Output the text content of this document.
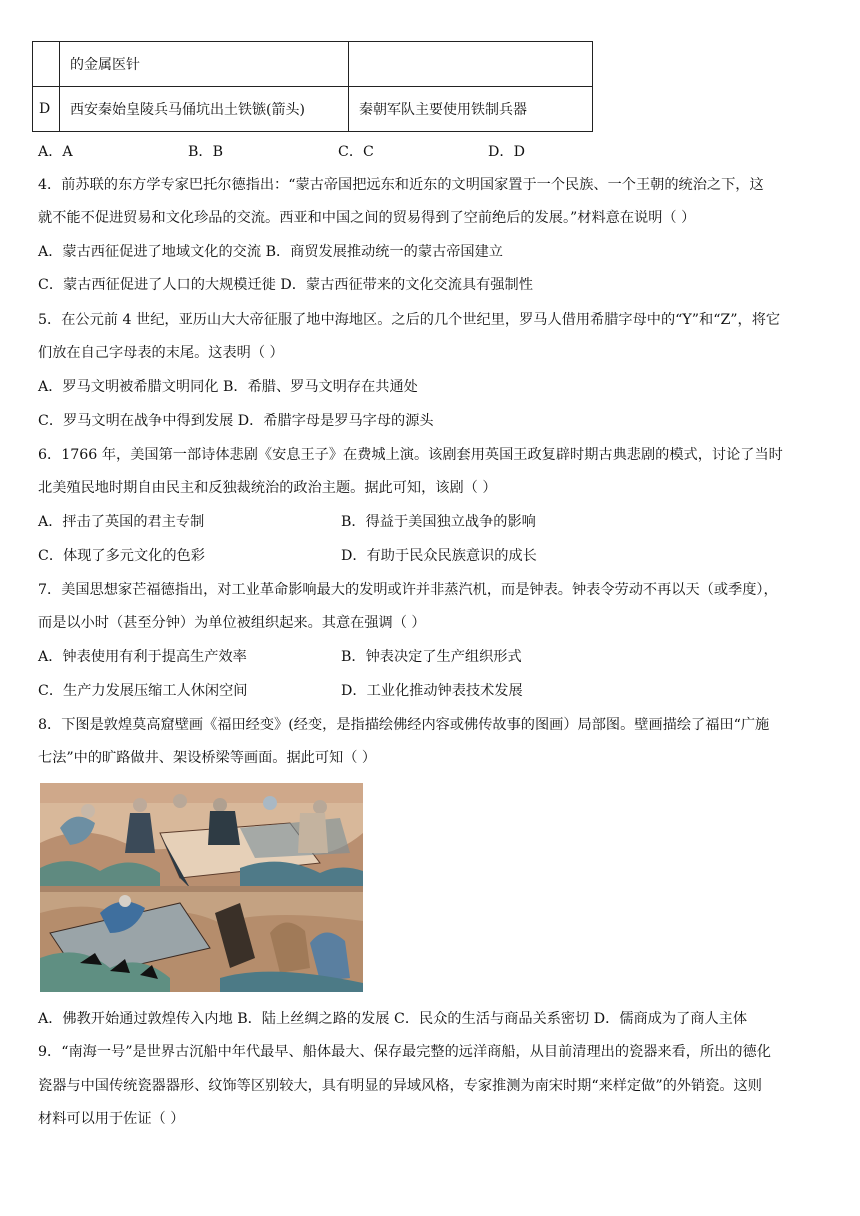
	的金属医针	
D	西安秦始皇陵兵马俑坑出土铁镞(箭头)	秦朝军队主要使用铁制兵器
A．A	B．B	C．C	D．D
4．前苏联的东方学专家巴托尔德指出：“蒙古帝国把远东和近东的文明国家置于一个民族、一个王朝的统治之下，这
就不能不促进贸易和文化珍品的交流。西亚和中国之间的贸易得到了空前绝后的发展。”材料意在说明（ ）
A．蒙古西征促进了地域文化的交流 B．商贸发展推动统一的蒙古帝国建立
C．蒙古西征促进了人口的大规模迁徙 D．蒙古西征带来的文化交流具有强制性
5．在公元前 4 世纪，亚历山大大帝征服了地中海地区。之后的几个世纪里，罗马人借用希腊字母中的“Y”和“Z”，将它
们放在自己字母表的末尾。这表明（ ）
A．罗马文明被希腊文明同化 B．希腊、罗马文明存在共通处
C．罗马文明在战争中得到发展 D．希腊字母是罗马字母的源头
6．1766 年，美国第一部诗体悲剧《安息王子》在费城上演。该剧套用英国王政复辟时期古典悲剧的模式，讨论了当时
北美殖民地时期自由民主和反独裁统治的政治主题。据此可知，该剧（ ）
A．抨击了英国的君主专制	B．得益于美国独立战争的影响
C．体现了多元文化的色彩	D．有助于民众民族意识的成长
7．美国思想家芒福德指出，对工业革命影响最大的发明或许并非蒸汽机，而是钟表。钟表令劳动不再以天（或季度），
而是以小时（甚至分钟）为单位被组织起来。其意在强调（ ）
A．钟表使用有利于提高生产效率	B．钟表决定了生产组织形式
C．生产力发展压缩工人休闲空间	D．工业化推动钟表技术发展
8．下图是敦煌莫高窟壁画《福田经变》(经变，是指描绘佛经内容或佛传故事的图画）局部图。壁画描绘了福田“广施
七法”中的旷路做井、架设桥梁等画面。据此可知（ ）
A．佛教开始通过敦煌传入内地 B．陆上丝绸之路的发展 C．民众的生活与商品关系密切 D．儒商成为了商人主体
9．“南海一号”是世界古沉船中年代最早、船体最大、保存最完整的远洋商船，从目前清理出的瓷器来看，所出的德化
瓷器与中国传统瓷器器形、纹饰等区别较大，具有明显的异域风格，专家推测为南宋时期“来样定做”的外销瓷。这则
材料可以用于佐证（ ）
